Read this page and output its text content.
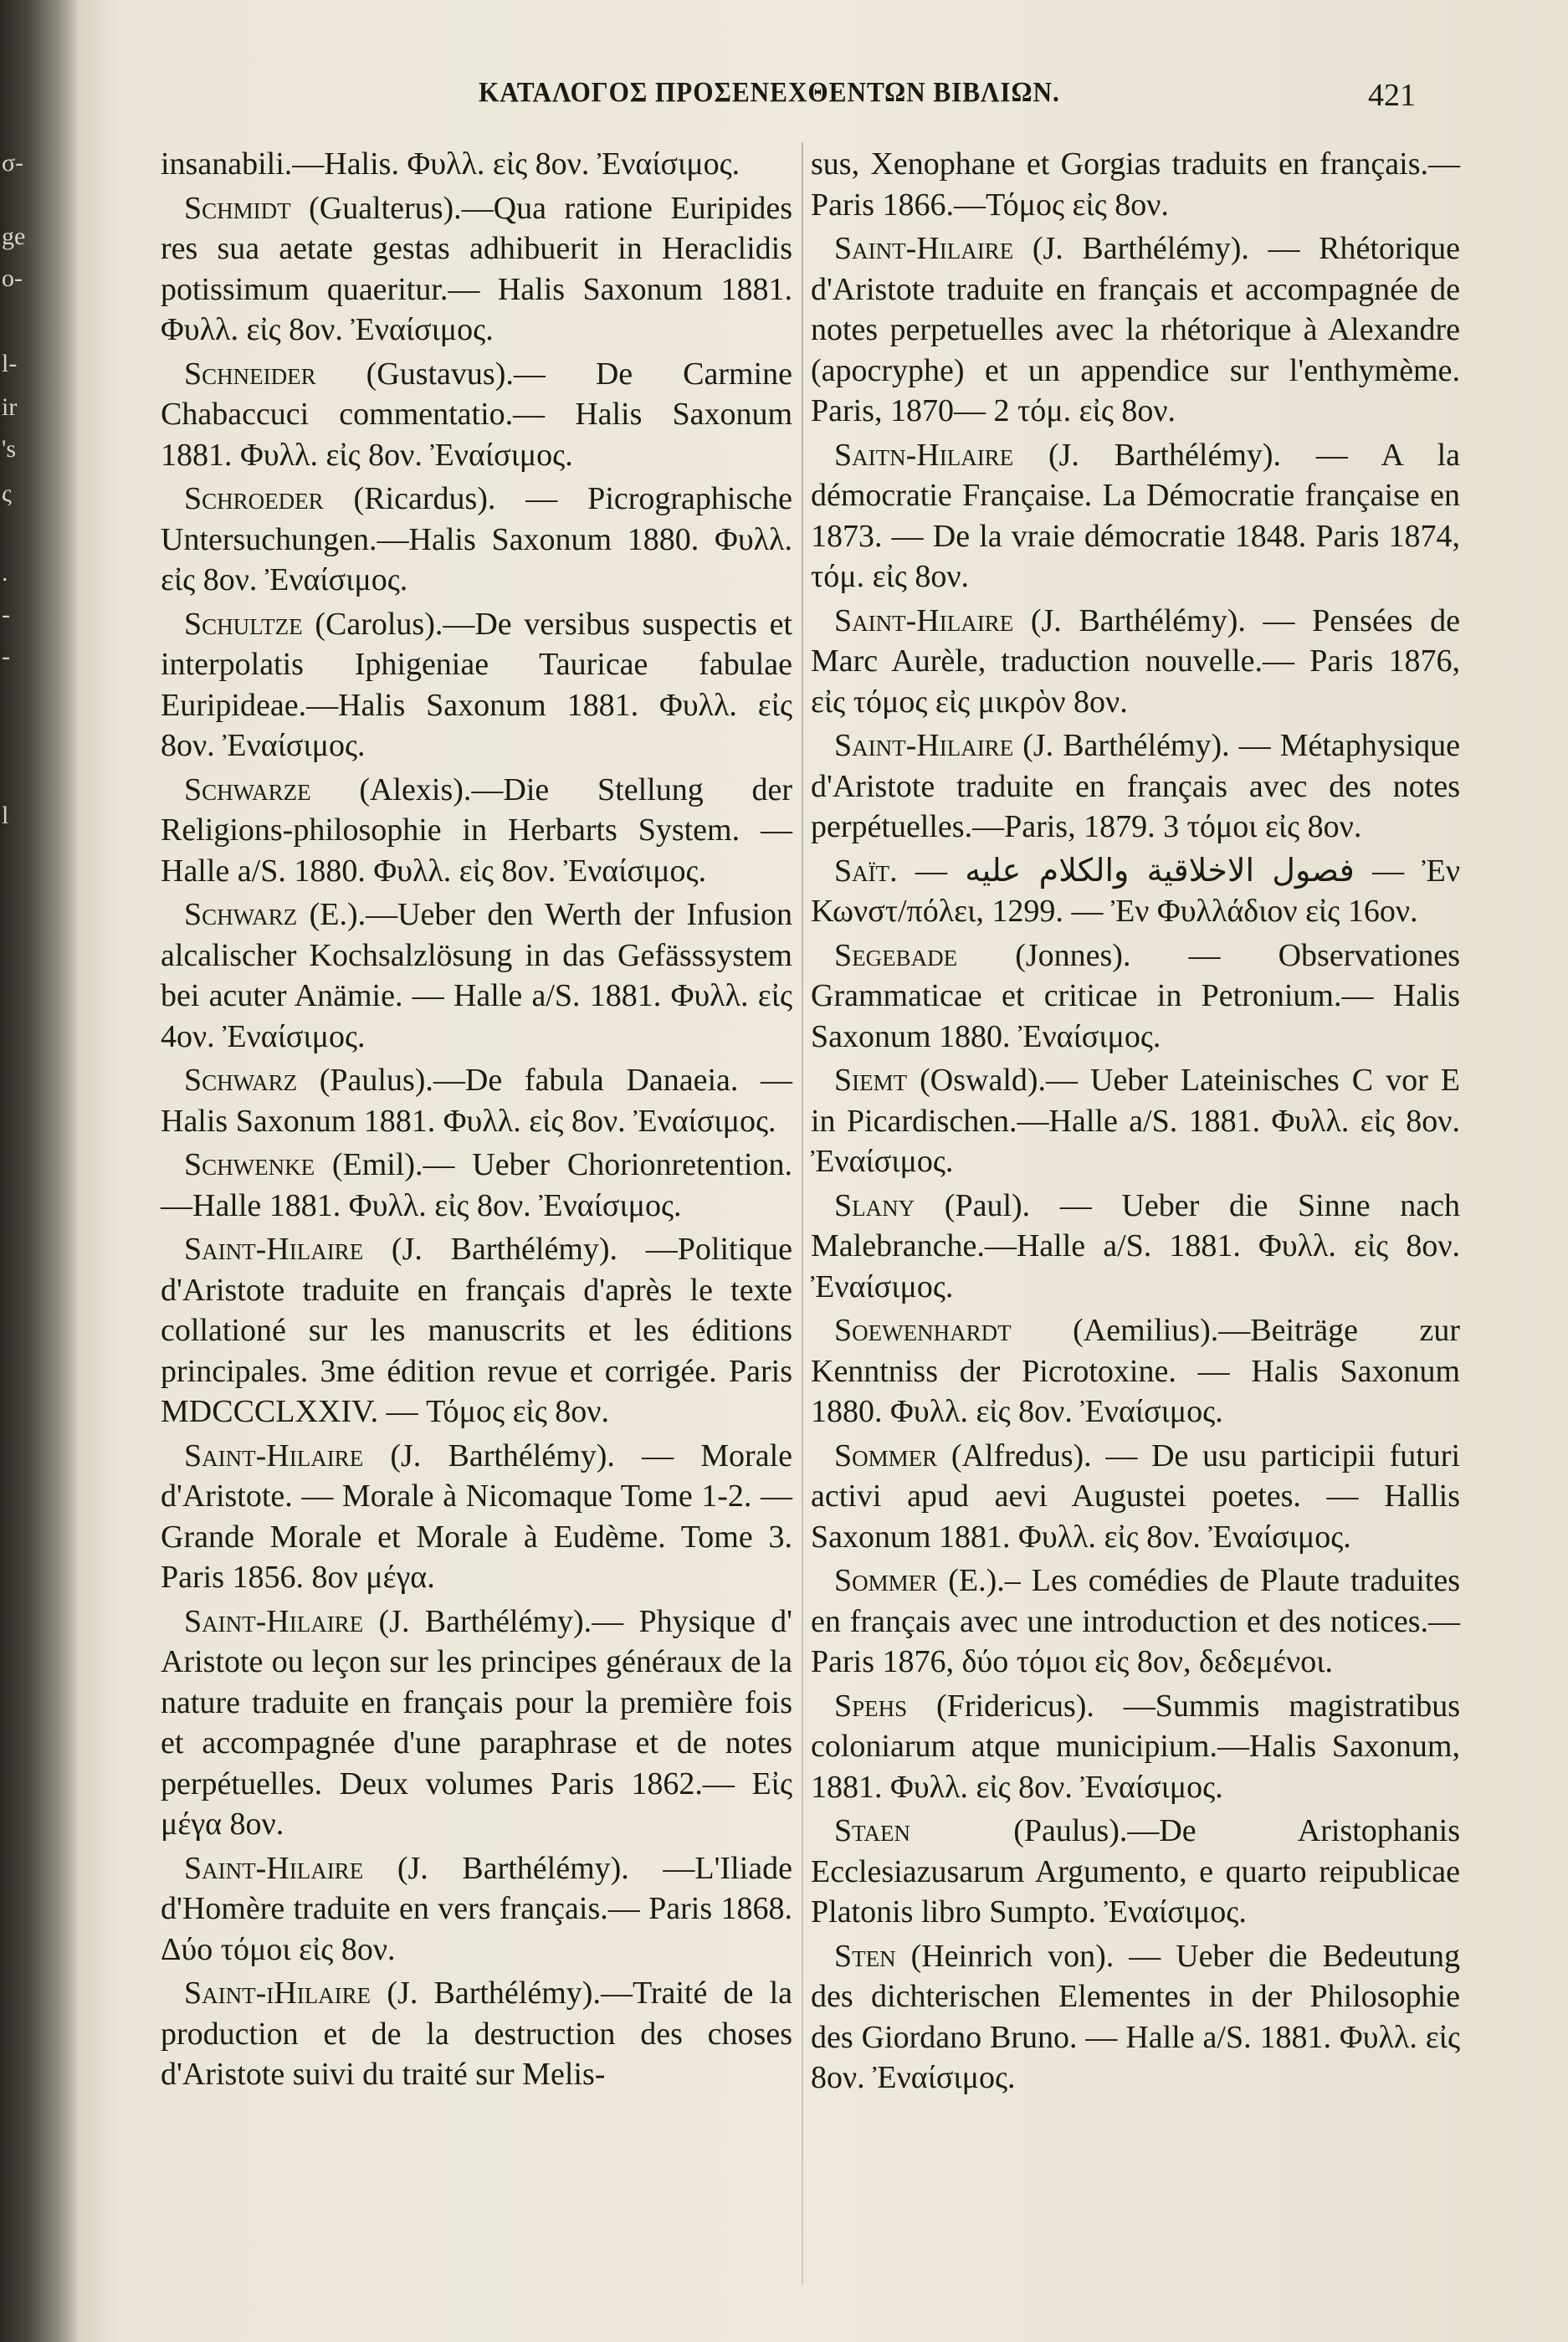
σ-
ge
o-
l-
ir
's
ς
.
-
-
l
ΚΑΤΑΛΟΓΟΣ ΠΡΟΣΕΝΕΧΘΕΝΤΩΝ ΒΙΒΛΙΩΝ.	421

insanabili.—Halis. Φυλλ. εἰς 8ον. Ἐναίσιμος.

Schmidt (Gualterus).—Qua ratione Euripides res sua aetate gestas adhibuerit in Heraclidis potissimum quaeritur.— Halis Saxonum 1881. Φυλλ. εἰς 8ον. Ἐναίσιμος.

Schneider (Gustavus).— De Carmine Chabaccuci commentatio.— Halis Saxonum 1881. Φυλλ. εἰς 8ον. Ἐναίσιμος.

Schroeder (Ricardus). — Picrographische Untersuchungen.—Halis Saxonum 1880. Φυλλ. εἰς 8ον. Ἐναίσιμος.

Schultze (Carolus).—De versibus suspectis et interpolatis Iphigeniae Tauricae fabulae Euripideae.—Halis Saxonum 1881. Φυλλ. εἰς 8ον. Ἐναίσιμος.

Schwarze (Alexis).—Die Stellung der Religions-philosophie in Herbarts System. —Halle a/S. 1880. Φυλλ. εἰς 8ον. Ἐναίσιμος.

Schwarz (E.).—Ueber den Werth der Infusion alcalischer Kochsalzlösung in das Gefässsystem bei acuter Anämie. — Halle a/S. 1881. Φυλλ. εἰς 4ον. Ἐναίσιμος.

Schwarz (Paulus).—De fabula Danaeia. —Halis Saxonum 1881. Φυλλ. εἰς 8ον. Ἐναίσιμος.

Schwenke (Emil).— Ueber Chorionretention.—Halle 1881. Φυλλ. εἰς 8ον. Ἐναίσιμος.

Saint-Hilaire (J. Barthélémy). —Politique d'Aristote traduite en français d'après le texte collationé sur les manuscrits et les éditions principales. 3me édition revue et corrigée. Paris MDCCCLXXIV. — Τόμος εἰς 8ον.

Saint-Hilaire (J. Barthélémy). — Morale d'Aristote. — Morale à Nicomaque Tome 1-2. — Grande Morale et Morale à Eudème. Tome 3. Paris 1856. 8ον μέγα.

Saint-Hilaire (J. Barthélémy).— Physique d' Aristote ou leçon sur les principes généraux de la nature traduite en français pour la première fois et accompagnée d'une paraphrase et de notes perpétuelles. Deux volumes Paris 1862.— Εἰς μέγα 8ον.

Saint-Hilaire (J. Barthélémy). —L'Iliade d'Homère traduite en vers français.— Paris 1868. Δύο τόμοι εἰς 8ον.

Saint-ıHilaire (J. Barthélémy).—Traité de la production et de la destruction des choses d'Aristote suivi du traité sur Melis-

sus, Xenophane et Gorgias traduits en français.—Paris 1866.—Τόμος εἰς 8ον.

Saint-Hilaire (J. Barthélémy). — Rhétorique d'Aristote traduite en français et accompagnée de notes perpetuelles avec la rhétorique à Alexandre (apocryphe) et un appendice sur l'enthymème. Paris, 1870— 2 τόμ. εἰς 8ον.

Saitn-Hilaire (J. Barthélémy). — A la démocratie Française. La Démocratie française en 1873. — De la vraie démocratie 1848. Paris 1874, τόμ. εἰς 8ον.

Saint-Hilaire (J. Barthélémy). — Pensées de Marc Aurèle, traduction nouvelle.— Paris 1876, εἰς τόμος εἰς μικρὸν 8ον.

Saint-Hilaire (J. Barthélémy). — Métaphysique d'Aristote traduite en français avec des notes perpétuelles.—Paris, 1879. 3 τόμοι εἰς 8ον.

Saït. — فصول الاخلاقية والكلام عليه — Ἐν Κωνστ/πόλει, 1299. — Ἐν Φυλλάδιον εἰς 16ον.

Segebade (Jonnes). — Observationes Grammaticae et criticae in Petronium.— Halis Saxonum 1880. Ἐναίσιμος.

Siemt (Oswald).— Ueber Lateinisches C vor E in Picardischen.—Halle a/S. 1881. Φυλλ. εἰς 8ον. Ἐναίσιμος.

Slany (Paul). — Ueber die Sinne nach Malebranche.—Halle a/S. 1881. Φυλλ. εἰς 8ον. Ἐναίσιμος.

Soewenhardt (Aemilius).—Beiträge zur Kenntniss der Picrotoxine. — Halis Saxonum 1880. Φυλλ. εἰς 8ον. Ἐναίσιμος.

Sommer (Alfredus). — De usu participii futuri activi apud aevi Augustei poetes. — Hallis Saxonum 1881. Φυλλ. εἰς 8ον. Ἐναίσιμος.

Sommer (E.).– Les comédies de Plaute traduites en français avec une introduction et des notices.—Paris 1876, δύο τόμοι εἰς 8ον, δεδεμένοι.

Spehs (Fridericus). —Summis magistratibus coloniarum atque municipium.—Halis Saxonum, 1881. Φυλλ. εἰς 8ον. Ἐναίσιμος.

Staen (Paulus).—De Aristophanis Ecclesiazusarum Argumento, e quarto reipublicae Platonis libro Sumpto. Ἐναίσιμος.

Sten (Heinrich von). — Ueber die Bedeutung des dichterischen Elementes in der Philosophie des Giordano Bruno. — Halle a/S. 1881. Φυλλ. εἰς 8ον. Ἐναίσιμος.
